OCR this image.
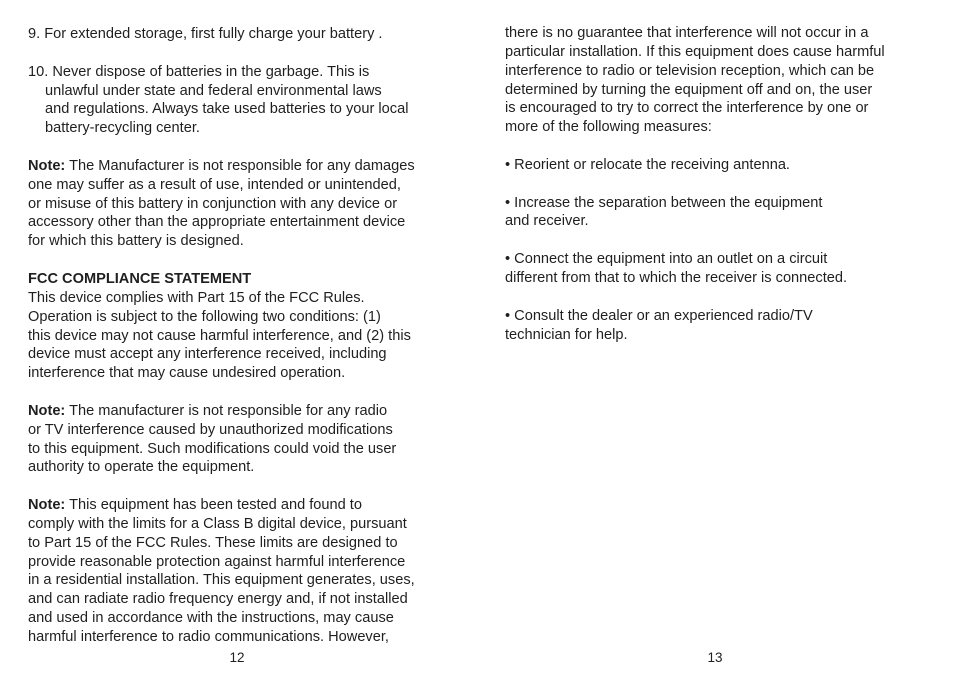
9. For extended storage, first fully charge your battery .
10. Never dispose of batteries in the garbage. This is
unlawful under state and federal environmental laws
and regulations. Always take used batteries to your local
battery-recycling center.
Note: The Manufacturer is not responsible for any damages
one may suffer as a result of use, intended or unintended,
or misuse of this battery in conjunction with any device or
accessory other than the appropriate entertainment device
for which this battery is designed.
FCC COMPLIANCE STATEMENT
This device complies with Part 15 of the FCC Rules.
Operation is subject to the following two conditions: (1)
this device may not cause harmful interference, and (2) this
device must accept any interference received, including
interference that may cause undesired operation.
Note: The manufacturer is not responsible for any radio
or TV interference caused by unauthorized modifications
to this equipment. Such modifications could void the user
authority to operate the equipment.
Note: This equipment has been tested and found to
comply with the limits for a Class B digital device, pursuant
to Part 15 of the FCC Rules. These limits are designed to
provide reasonable protection against harmful interference
in a residential installation. This equipment generates, uses,
and can radiate radio frequency energy and, if not installed
and used in accordance with the instructions, may cause
harmful interference to radio communications. However,
12
there is no guarantee that interference will not occur in a
particular installation. If this equipment does cause harmful
interference to radio or television reception, which can be
determined by turning the equipment off and on, the user
is encouraged to try to correct the interference by one or
more of the following measures:
• Reorient or relocate the receiving antenna.
• Increase the separation between the equipment
and receiver.
• Connect the equipment into an outlet on a circuit
different from that to which the receiver is connected.
• Consult the dealer or an experienced radio/TV
technician for help.
13
